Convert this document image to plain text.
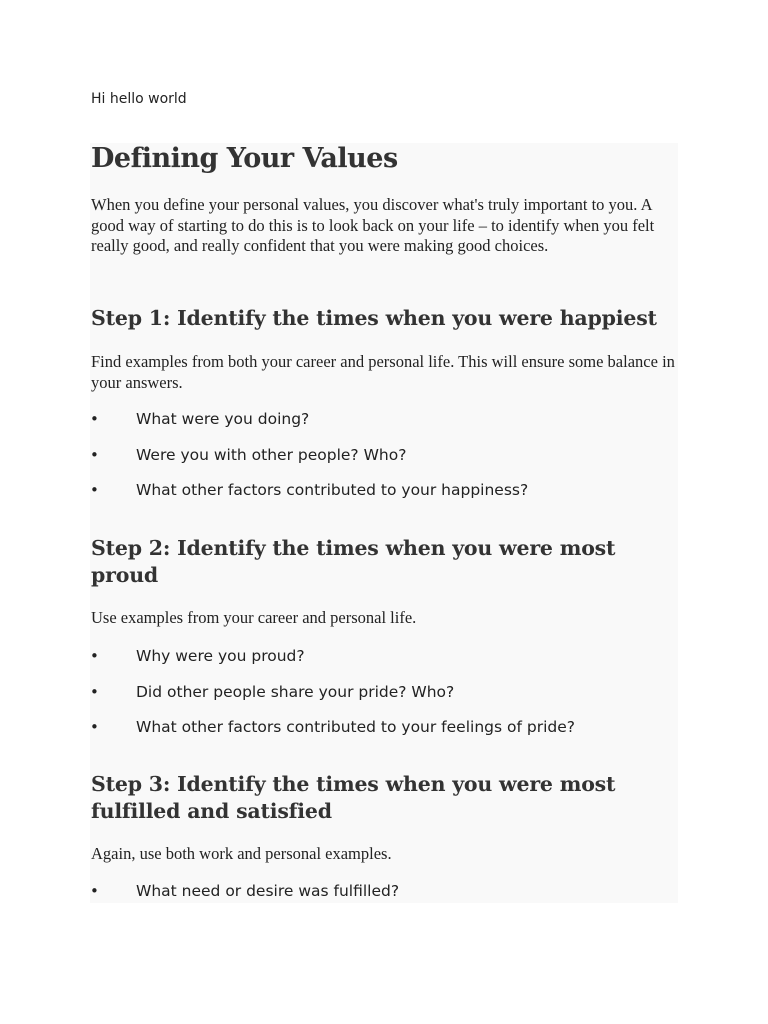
Hi hello world

Defining Your Values

When you define your personal values, you discover what's truly important to you. A good way of starting to do this is to look back on your life – to identify when you felt really good, and really confident that you were making good choices.

Step 1: Identify the times when you were happiest

Find examples from both your career and personal life. This will ensure some balance in your answers.

• What were you doing?
• Were you with other people? Who?
• What other factors contributed to your happiness?
Step 2: Identify the times when you were most proud

Use examples from your career and personal life.

• Why were you proud?
• Did other people share your pride? Who?
• What other factors contributed to your feelings of pride?
Step 3: Identify the times when you were most fulfilled and satisfied

Again, use both work and personal examples.

• What need or desire was fulfilled?
